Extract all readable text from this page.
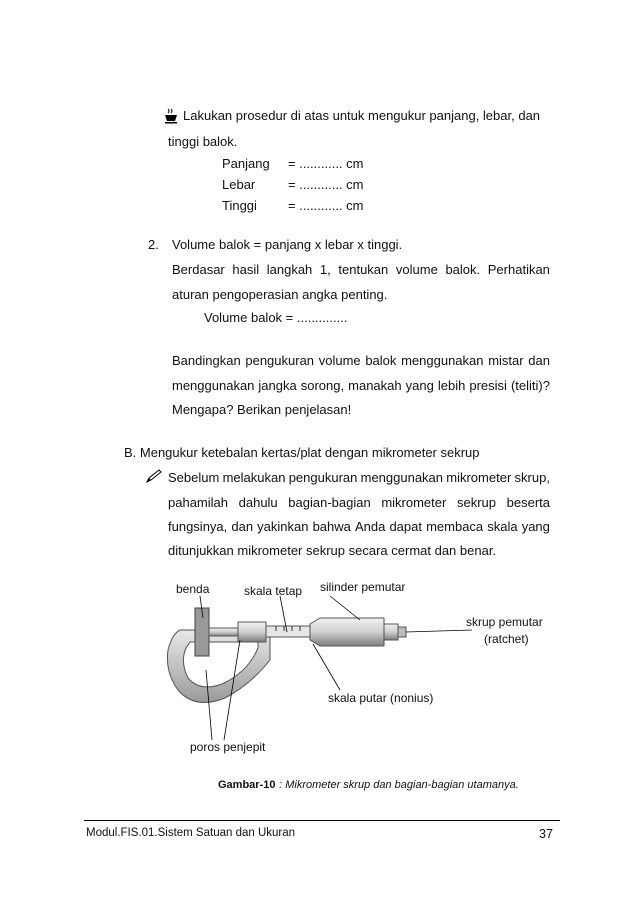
Lakukan prosedur di atas untuk mengukur panjang, lebar, dan
tinggi balok.
Panjang = ............ cm
Lebar	= ............ cm
Tinggi = ............ cm
2. Volume balok = panjang x lebar x tinggi.
Berdasar hasil langkah 1, tentukan volume balok. Perhatikan
aturan pengoperasian angka penting.
Volume balok = ..............
Bandingkan pengukuran volume balok menggunakan mistar dan
menggunakan jangka sorong, manakah yang lebih presisi (teliti)?
Mengapa? Berikan penjelasan!
B. Mengukur ketebalan kertas/plat dengan mikrometer sekrup
Sebelum melakukan pengukuran menggunakan mikrometer skrup,
pahamilah dahulu bagian-bagian mikrometer sekrup beserta
fungsinya, dan yakinkan bahwa Anda dapat membaca skala yang
ditunjukkan mikrometer sekrup secara cermat dan benar.
benda	skala tetap silinder pemutar
skrup pemutar
(ratchet)
skala putar (nonius)
poros penjepit
Gambar-10 : Mikrometer skrup dan bagian-bagian utamanya.
Modul.FIS.01.Sistem Satuan dan Ukuran	37
